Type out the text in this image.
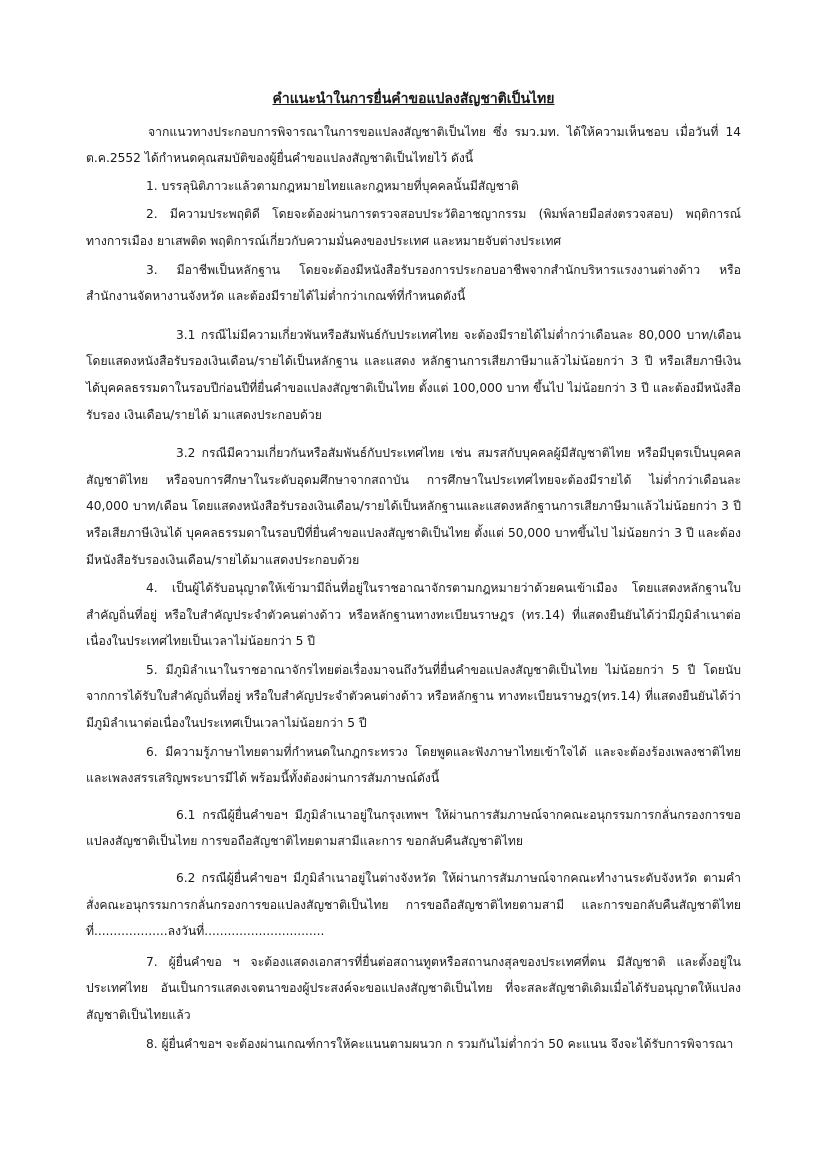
คำแนะนำในการยื่นคำขอแปลงสัญชาติเป็นไทย

จากแนวทางประกอบการพิจารณาในการขอแปลงสัญชาติเป็นไทย ซึ่ง รมว.มท. ได้ให้ความเห็นชอบ เมื่อวันที่ 14 ต.ค.2552 ได้กำหนดคุณสมบัติของผู้ยื่นคำขอแปลงสัญชาติเป็นไทยไว้ ดังนี้

1. บรรลุนิติภาวะแล้วตามกฎหมายไทยและกฎหมายที่บุคคลนั้นมีสัญชาติ

2. มีความประพฤติดี โดยจะต้องผ่านการตรวจสอบประวัติอาชญากรรม (พิมพ์ลายมือส่งตรวจสอบ) พฤติการณ์ทางการเมือง ยาเสพติด พฤติการณ์เกี่ยวกับความมั่นคงของประเทศ และหมายจับต่างประเทศ

3. มีอาชีพเป็นหลักฐาน โดยจะต้องมีหนังสือรับรองการประกอบอาชีพจากสำนักบริหารแรงงานต่างด้าว หรือสำนักงานจัดหางานจังหวัด และต้องมีรายได้ไม่ต่ำกว่าเกณฑ์ที่กำหนดดังนี้

3.1 กรณีไม่มีความเกี่ยวพันหรือสัมพันธ์กับประเทศไทย จะต้องมีรายได้ไม่ต่ำกว่าเดือนละ 80,000 บาท/เดือน โดยแสดงหนังสือรับรองเงินเดือน/รายได้เป็นหลักฐาน และแสดง หลักฐานการเสียภาษีมาแล้วไม่น้อยกว่า 3 ปี หรือเสียภาษีเงินได้บุคคลธรรมดาในรอบปีก่อนปีที่ยื่นคำขอแปลงสัญชาติเป็นไทย ตั้งแต่ 100,000 บาท ขึ้นไป ไม่น้อยกว่า 3 ปี และต้องมีหนังสือรับรอง เงินเดือน/รายได้ มาแสดงประกอบด้วย

3.2 กรณีมีความเกี่ยวกันหรือสัมพันธ์กับประเทศไทย เช่น สมรสกับบุคคลผู้มีสัญชาติไทย หรือมีบุตรเป็นบุคคลสัญชาติไทย หรือจบการศึกษาในระดับอุดมศึกษาจากสถาบัน การศึกษาในประเทศไทยจะต้องมีรายได้ ไม่ต่ำกว่าเดือนละ 40,000 บาท/เดือน โดยแสดงหนังสือรับรองเงินเดือน/รายได้เป็นหลักฐานและแสดงหลักฐานการเสียภาษีมาแล้วไม่น้อยกว่า 3 ปี หรือเสียภาษีเงินได้ บุคคลธรรมดาในรอบปีที่ยื่นคำขอแปลงสัญชาติเป็นไทย ตั้งแต่ 50,000 บาทขึ้นไป ไม่น้อยกว่า 3 ปี และต้องมีหนังสือรับรองเงินเดือน/รายได้มาแสดงประกอบด้วย

4. เป็นผู้ได้รับอนุญาตให้เข้ามามีถิ่นที่อยู่ในราชอาณาจักรตามกฎหมายว่าด้วยคนเข้าเมือง โดยแสดงหลักฐานใบสำคัญถิ่นที่อยู่ หรือใบสำคัญประจำตัวคนต่างด้าว หรือหลักฐานทางทะเบียนราษฎร (ทร.14) ที่แสดงยืนยันได้ว่ามีภูมิลำเนาต่อเนื่องในประเทศไทยเป็นเวลาไม่น้อยกว่า 5 ปี

5. มีภูมิลำเนาในราชอาณาจักรไทยต่อเรื่องมาจนถึงวันที่ยื่นคำขอแปลงสัญชาติเป็นไทย ไม่น้อยกว่า 5 ปี โดยนับจากการได้รับใบสำคัญถิ่นที่อยู่ หรือใบสำคัญประจำตัวคนต่างด้าว หรือหลักฐาน ทางทะเบียนราษฎร(ทร.14) ที่แสดงยืนยันได้ว่ามีภูมิลำเนาต่อเนื่องในประเทศเป็นเวลาไม่น้อยกว่า 5 ปี

6. มีความรู้ภาษาไทยตามที่กำหนดในกฎกระทรวง โดยพูดและฟังภาษาไทยเข้าใจได้ และจะต้องร้องเพลงชาติไทยและเพลงสรรเสริญพระบารมีได้ พร้อมนี้ทั้งต้องผ่านการสัมภาษณ์ดังนี้

6.1 กรณีผู้ยื่นคำขอฯ มีภูมิลำเนาอยู่ในกรุงเทพฯ ให้ผ่านการสัมภาษณ์จากคณะอนุกรรมการกลั่นกรองการขอแปลงสัญชาติเป็นไทย การขอถือสัญชาติไทยตามสามีและการ ขอกลับคืนสัญชาติไทย

6.2 กรณีผู้ยื่นคำขอฯ มีภูมิลำเนาอยู่ในต่างจังหวัด ให้ผ่านการสัมภาษณ์จากคณะทำงานระดับจังหวัด ตามคำสั่งคณะอนุกรรมการกลั่นกรองการขอแปลงสัญชาติเป็นไทย การขอถือสัญชาติไทยตามสามี และการขอกลับคืนสัญชาติไทย ที่...................ลงวันที่...............................

7. ผู้ยื่นคำขอ ฯ จะต้องแสดงเอกสารที่ยื่นต่อสถานทูตหรือสถานกงสุลของประเทศที่ตน มีสัญชาติ และตั้งอยู่ในประเทศไทย อันเป็นการแสดงเจตนาของผู้ประสงค์จะขอแปลงสัญชาติเป็นไทย ที่จะสละสัญชาติเดิมเมื่อได้รับอนุญาตให้แปลงสัญชาติเป็นไทยแล้ว

8. ผู้ยื่นคำขอฯ จะต้องผ่านเกณฑ์การให้คะแนนตามผนวก ก รวมกันไม่ต่ำกว่า 50 คะแนน จึงจะได้รับการพิจารณา
